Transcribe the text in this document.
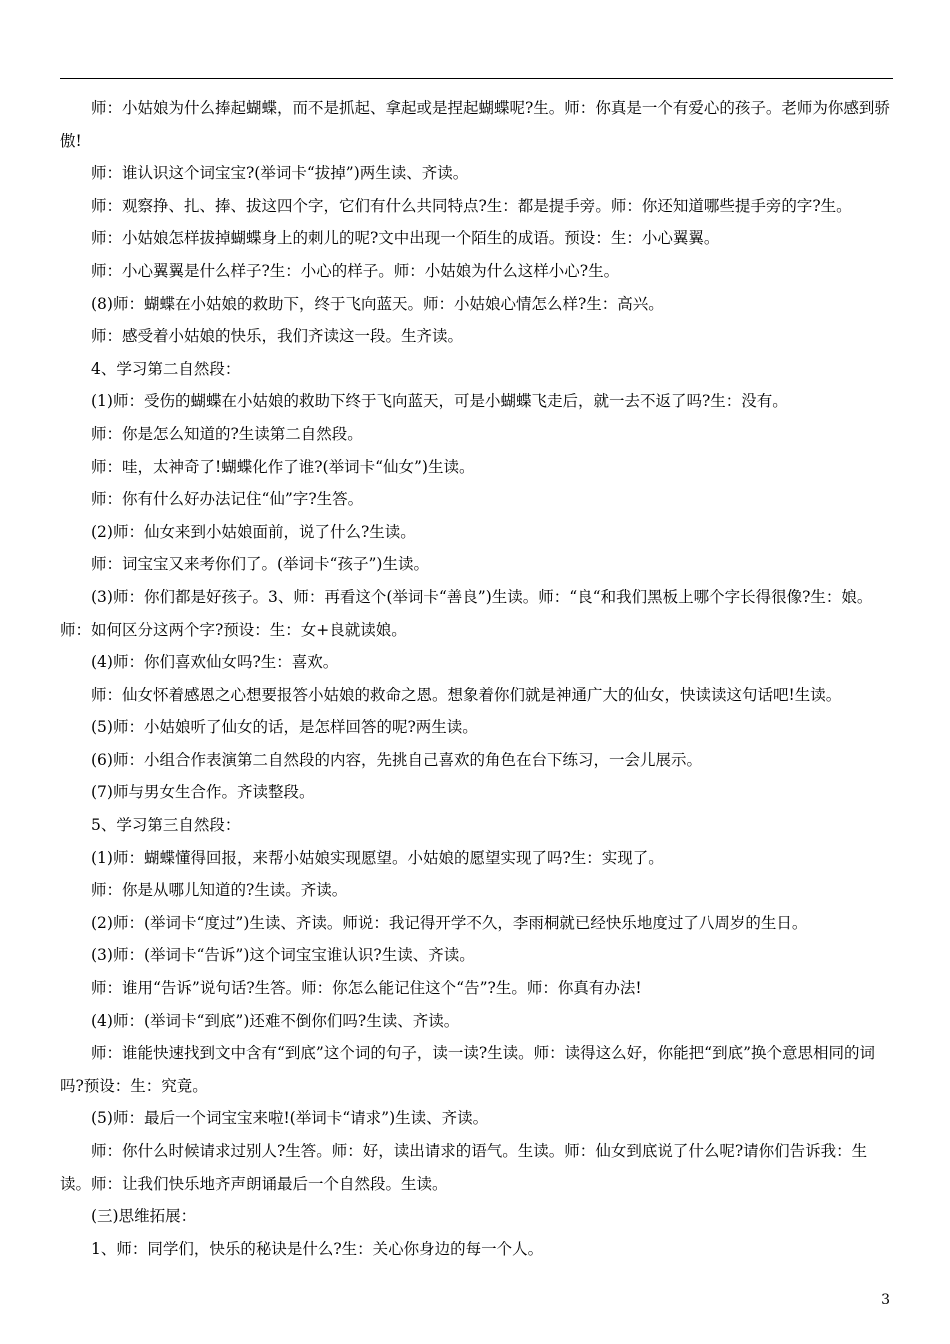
师：小姑娘为什么捧起蝴蝶，而不是抓起、拿起或是捏起蝴蝶呢?生。师：你真是一个有爱心的孩子。老师为你感到骄傲!

师：谁认识这个词宝宝?(举词卡“拔掉”)两生读、齐读。

师：观察挣、扎、捧、拔这四个字，它们有什么共同特点?生：都是提手旁。师：你还知道哪些提手旁的字?生。

师：小姑娘怎样拔掉蝴蝶身上的刺儿的呢?文中出现一个陌生的成语。预设：生：小心翼翼。

师：小心翼翼是什么样子?生：小心的样子。师：小姑娘为什么这样小心?生。

(8)师：蝴蝶在小姑娘的救助下，终于飞向蓝天。师：小姑娘心情怎么样?生：高兴。

师：感受着小姑娘的快乐，我们齐读这一段。生齐读。

4、学习第二自然段：

(1)师：受伤的蝴蝶在小姑娘的救助下终于飞向蓝天，可是小蝴蝶飞走后，就一去不返了吗?生：没有。

师：你是怎么知道的?生读第二自然段。

师：哇，太神奇了!蝴蝶化作了谁?(举词卡“仙女”)生读。

师：你有什么好办法记住“仙”字?生答。

(2)师：仙女来到小姑娘面前，说了什么?生读。

师：词宝宝又来考你们了。(举词卡“孩子”)生读。

(3)师：你们都是好孩子。3、师：再看这个(举词卡“善良”)生读。师：“良“和我们黑板上哪个字长得很像?生：娘。师：如何区分这两个字?预设：生：女+良就读娘。

(4)师：你们喜欢仙女吗?生：喜欢。

师：仙女怀着感恩之心想要报答小姑娘的救命之恩。想象着你们就是神通广大的仙女，快读读这句话吧!生读。

(5)师：小姑娘听了仙女的话，是怎样回答的呢?两生读。

(6)师：小组合作表演第二自然段的内容，先挑自己喜欢的角色在台下练习，一会儿展示。

(7)师与男女生合作。齐读整段。

5、学习第三自然段：

(1)师：蝴蝶懂得回报，来帮小姑娘实现愿望。小姑娘的愿望实现了吗?生：实现了。

师：你是从哪儿知道的?生读。齐读。

(2)师：(举词卡“度过”)生读、齐读。师说：我记得开学不久，李雨桐就已经快乐地度过了八周岁的生日。

(3)师：(举词卡“告诉”)这个词宝宝谁认识?生读、齐读。

师：谁用“告诉”说句话?生答。师：你怎么能记住这个“告”?生。师：你真有办法!

(4)师：(举词卡“到底”)还难不倒你们吗?生读、齐读。

师：谁能快速找到文中含有“到底”这个词的句子，读一读?生读。师：读得这么好，你能把“到底”换个意思相同的词吗?预设：生：究竟。

(5)师：最后一个词宝宝来啦!(举词卡“请求”)生读、齐读。

师：你什么时候请求过别人?生答。师：好，读出请求的语气。生读。师：仙女到底说了什么呢?请你们告诉我：生读。师：让我们快乐地齐声朗诵最后一个自然段。生读。

(三)思维拓展：

1、师：同学们，快乐的秘诀是什么?生：关心你身边的每一个人。

3
